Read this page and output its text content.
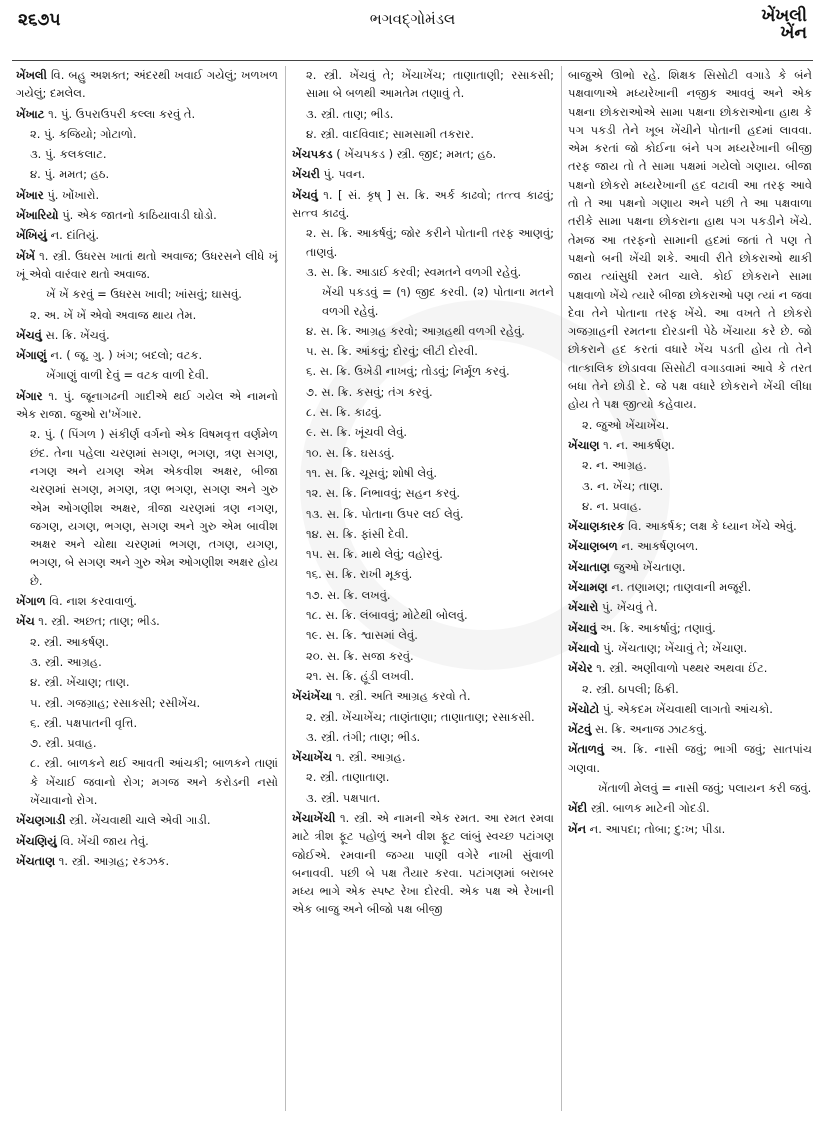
૨૬૭૫	ભગવદ્ગોમંડલ	ખેંખલી
ખેંન
ખેંખલી વિ. બહુ અશક્ત; અંદરથી ખવાઈ ગયેલું; ખળખળ ગયેલું; દમલેલ.
ખેંખાટ ૧. પું. ઉપરાઉપરી કલ્લા કરવું તે.
૨. પું. કજિયો; ગોટાળો.
૩. પું. કલકલાટ.
૪. પું. મમત; હઠ.
ખેંખાર પું. ખોંખારો.
ખેંખારિયો પું. એક જાતનો કાઠિયાવાડી ઘોડો.
ખેંખિયું ન. દાંતિયું.
ખેંખેં ૧. સ્ત્રી. ઉધરસ ખાતાં થતો અવાજ; ઉધરસને લીધે ખૂં ખૂં એવો વારંવાર થતો અવાજ.
ખેં ખેં કરવું = ઉધરસ ખાવી; ખાંસવું; ઘાસવું.
૨. અ. ખેં ખેં એવો અવાજ થાય તેમ.
ખેંચવું સ. ક્રિ. ખેંચવું.
ખેંગાણું ન. ( જૂ. ગુ. ) ખંગ; બદલો; વટક.
ખેંગાણું વાળી દેવું = વટક વાળી દેવી.
ખેંગાર ૧. પું. જૂનાગઢની ગાદીએ થઈ ગયેલ એ નામનો એક રાજા. જુઓ રા'ખેંગાર.
૨. પું. ( પિંગળ ) સંકીર્ણ વર્ગનો એક વિષમવૃત્ત વર્ણમેળ છંદ. તેના પહેલા ચરણમાં સગણ, ભગણ, ત્રણ સગણ, નગણ અને યગણ એમ એકવીશ અક્ષર, બીજા ચરણમાં સગણ, મગણ, ત્રણ ભગણ, સગણ અને ગુરુ એમ ઓગણીશ અક્ષર, ત્રીજા ચરણમાં ત્રણ નગણ, જગણ, યગણ, ભગણ, સગણ અને ગુરુ એમ બાવીશ અક્ષર અને ચોથા ચરણમાં ભગણ, તગણ, યગણ, ભગણ, બે સગણ અને ગુરુ એમ ઓગણીશ અક્ષર હોય છે.
ખેંગાળ વિ. નાશ કરવાવાળું.
ખેંચ ૧. સ્ત્રી. અછત; તાણ; ભીડ.
૨. સ્ત્રી. આકર્ષણ.
૩. સ્ત્રી. આગ્રહ.
૪. સ્ત્રી. ખેંચાણ; તાણ.
૫. સ્ત્રી. ગજગ્રાહ; રસાકસી; રસીખેંચ.
૬. સ્ત્રી. પક્ષપાતની વૃત્તિ.
૭. સ્ત્રી. પ્રવાહ.
૮. સ્ત્રી. બાળકને થઈ આવતી આંચકી; બાળકને તાણાં કે ખેંચાઈ જવાનો રોગ; મગજ અને કરોડની નસો ખેંચાવાનો રોગ.
ખેંચણગાડી સ્ત્રી. ખેંચવાથી ચાલે એવી ગાડી.
ખેંચણિયું વિ. ખેંચી જાય તેવું.
ખેંચતાણ ૧. સ્ત્રી. આગ્રહ; રકઝક.
૨. સ્ત્રી. ખેંચવું તે; ખેંચાખેંચ; તાણાતાણી; રસાકસી; સામા બે બળથી આમતેમ તણાવું તે.
૩. સ્ત્રી. તાણ; ભીડ.
૪. સ્ત્રી. વાદવિવાદ; સામસામી તકરાર.
ખેંચપકડ ( ખેંચપકડ ) સ્ત્રી. જીદ; મમત; હઠ.
ખેંચરી પું. પવન.
ખેંચવું ૧. [ સં. કૃષ્ ] સ. ક્રિ. અર્ક કાઢવો; તત્ત્વ કાઢવું; સત્ત્વ કાઢવું.
૨. સ. ક્રિ. આકર્ષવું; જોર કરીને પોતાની તરફ આણવું; તાણવું.
૩. સ. ક્રિ. આડાઈ કરવી; સ્વમતને વળગી રહેવું.
ખેંચી પકડવું = (૧) જીદ કરવી. (૨) પોતાના મતને વળગી રહેવું.
૪. સ. ક્રિ. આગ્રહ કરવો; આગ્રહથી વળગી રહેવું.
૫. સ. ક્રિ. આંકવું; દોરવું; લીટી દોરવી.
૬. સ. ક્રિ. ઉખેડી નાખવું; તોડવું; નિર્મૂળ કરવું.
૭. સ. ક્રિ. કસવું; તંગ કરવું.
૮. સ. ક્રિ. કાઢવું.
૯. સ. ક્રિ. ખૂંચવી લેવું.
૧૦. સ. ક્રિ. ઘસડવું.
૧૧. સ. ક્રિ. ચૂસવું; શોષી લેવું.
૧૨. સ. ક્રિ. નિભાવવું; સહન કરવું.
૧૩. સ. ક્રિ. પોતાના ઉપર લઈ લેવું.
૧૪. સ. ક્રિ. ફાંસી દેવી.
૧૫. સ. ક્રિ. માથે લેવું; વહોરવું.
૧૬. સ. ક્રિ. રાખી મૂકવું.
૧૭. સ. ક્રિ. લખવું.
૧૮. સ. ક્રિ. લંબાવવું; મોટેથી બોલવું.
૧૯. સ. ક્રિ. શ્વાસમાં લેવું.
૨૦. સ. ક્રિ. સજા કરવું.
૨૧. સ. ક્રિ. હૂંડી લખવી.
ખેંચંખેંચા ૧. સ્ત્રી. અતિ આગ્રહ કરવો તે.
૨. સ્ત્રી. ખેંચાખેંચ; તાણંતાણા; તાણાતાણ; રસાકસી.
૩. સ્ત્રી. તંગી; તાણ; ભીડ.
ખેંચાખેંચ ૧. સ્ત્રી. આગ્રહ.
૨. સ્ત્રી. તાણાતાણ.
૩. સ્ત્રી. પક્ષપાત.
ખેંચાખેંચી ૧. સ્ત્રી. એ નામની એક રમત. આ રમત રમવા માટે ત્રીશ ફૂટ પહોળું અને વીશ ફૂટ લાંબું સ્વચ્છ પટાંગણ જોઈએ. રમવાની જગ્યા પાણી વગેરે નાખી સુંવાળી બનાવવી. પછી બે પક્ષ તૈયાર કરવા. પટાંગણમાં બરાબર મધ્ય ભાગે એક સ્પષ્ટ રેખા દોરવી. એક પક્ષ એ રેખાની એક બાજુ અને બીજો પક્ષ બીજી
બાજુએ ઊભો રહે. શિક્ષક સિસોટી વગાડે કે બંને પક્ષવાળાએ મધ્યરેખાની નજીક આવવું અને એક પક્ષના છોકરાઓએ સામા પક્ષના છોકરાઓના હાથ કે પગ પકડી તેને ખૂબ ખેંચીને પોતાની હદમાં લાવવા. એમ કરતાં જો કોઈના બંને પગ મધ્યરેખાની બીજી તરફ જાય તો તે સામા પક્ષમાં ગયેલો ગણાય. બીજા પક્ષનો છોકરો મધ્યરેખાની હદ વટાવી આ તરફ આવે તો તે આ પક્ષનો ગણાય અને પછી તે આ પક્ષવાળા તરીકે સામા પક્ષના છોકરાના હાથ પગ પકડીને ખેંચે. તેમજ આ તરફનો સામાની હદમાં જતાં તે પણ તે પક્ષનો બની ખેંચી શકે. આવી રીતે છોકરાઓ થાકી જાય ત્યાંસુધી રમત ચાલે. કોઈ છોકરાને સામા પક્ષવાળો ખેંચે ત્યારે બીજા છોકરાઓ પણ ત્યાં ન જવા દેવા તેને પોતાના તરફ ખેંચે. આ વખતે તે છોકરો ગજગ્રાહની રમતના દોરડાની પેઠે ખેંચાયા કરે છે. જો છોકરાને હદ કરતાં વધારે ખેંચ પડતી હોય તો તેને તાત્કાલિક છોડાવવા સિસોટી વગાડવામાં આવે કે તરત બધા તેને છોડી દે. જે પક્ષ વધારે છોકરાને ખેંચી લીધા હોય તે પક્ષ જીત્યો કહેવાય.
૨. જુઓ ખેંચાખેંચ.
ખેંચાણ ૧. ન. આકર્ષણ.
૨. ન. આગ્રહ.
૩. ન. ખેંચ; તાણ.
૪. ન. પ્રવાહ.
ખેંચાણકારક વિ. આકર્ષક; લક્ષ કે ધ્યાન ખેંચે એવું.
ખેંચાણબળ ન. આકર્ષણબળ.
ખેંચાતાણ જુઓ ખેંચતાણ.
ખેંચામણ ન. તણામણ; તાણવાની મજૂરી.
ખેંચારો પું. ખેંચવું તે.
ખેંચાવું અ. ક્રિ. આકર્ષાવું; તણાવું.
ખેંચાવો પું. ખેંચતાણ; ખેંચાવું તે; ખેંચાણ.
ખેંચેર ૧. સ્ત્રી. અણીવાળો પથ્થર અથવા ઈંટ.
૨. સ્ત્રી. ઠાપલી; ઠિક્રી.
ખેંચોટો પું. એકદમ ખેંચવાથી લાગતો આંચકો.
ખેંટવું સ. ક્રિ. અનાજ ઝાટકવું.
ખેંતાળવું અ. ક્રિ. નાસી જવું; ભાગી જવું; સાતપાંચ ગણવા.
ખેંતાળી મેલવું = નાસી જવું; પલાયન કરી જવું.
ખેંદી સ્ત્રી. બાળક માટેની ગોદડી.
ખેંન ન. આપદા; તોબા; દુ:ખ; પીડા.
